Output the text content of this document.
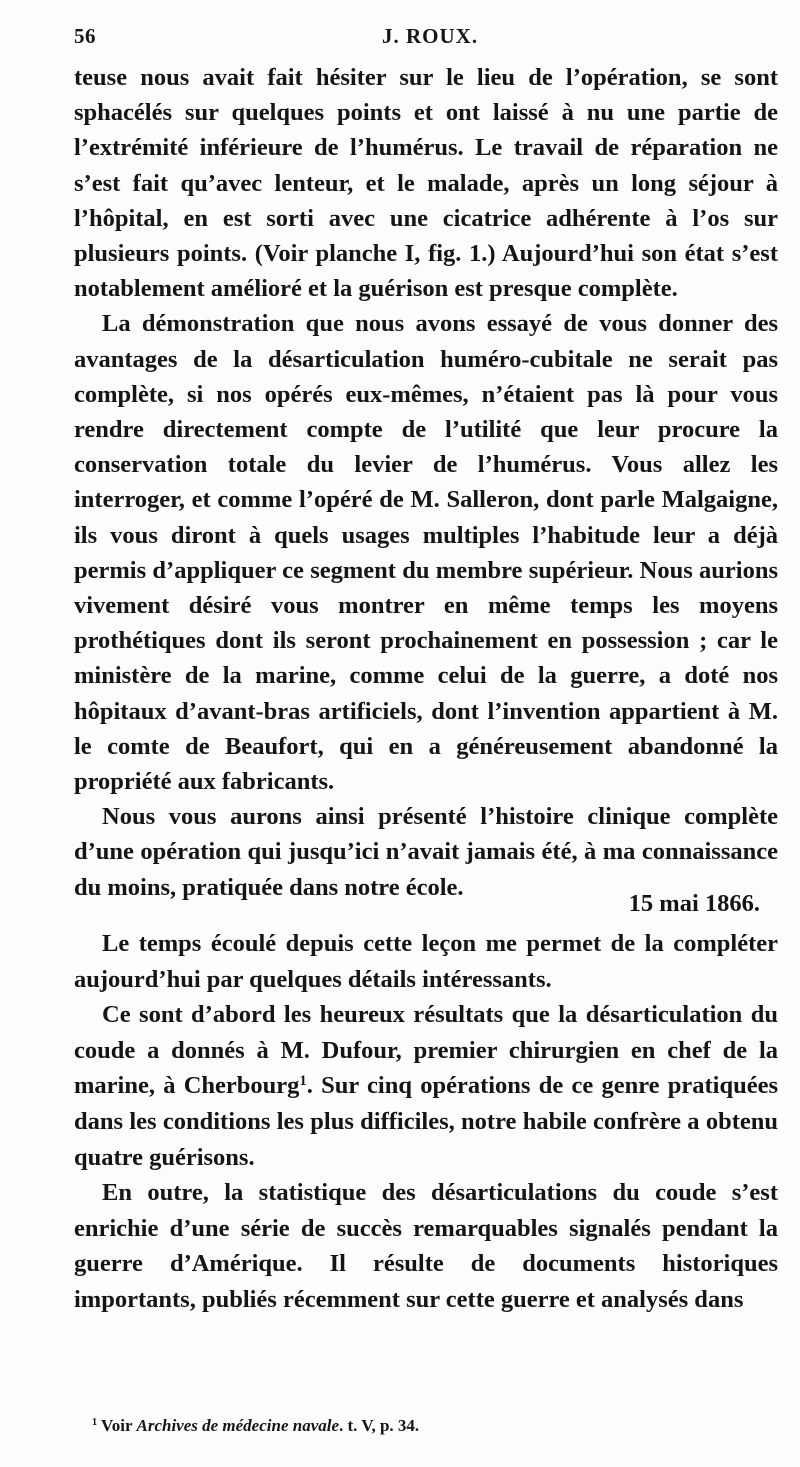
56	J. ROUX.

teuse nous avait fait hésiter sur le lieu de l’opération, se sont sphacélés sur quelques points et ont laissé à nu une partie de l’extrémité inférieure de l’humérus. Le travail de réparation ne s’est fait qu’avec lenteur, et le malade, après un long séjour à l’hôpital, en est sorti avec une cicatrice adhérente à l’os sur plusieurs points. (Voir planche I, fig. 1.) Aujourd’hui son état s’est notablement amélioré et la guérison est presque complète.

La démonstration que nous avons essayé de vous donner des avantages de la désarticulation huméro-cubitale ne serait pas complète, si nos opérés eux-mêmes, n’étaient pas là pour vous rendre directement compte de l’utilité que leur procure la conservation totale du levier de l’humérus. Vous allez les interroger, et comme l’opéré de M. Salleron, dont parle Malgaigne, ils vous diront à quels usages multiples l’habitude leur a déjà permis d’appliquer ce segment du membre supérieur. Nous aurions vivement désiré vous montrer en même temps les moyens prothétiques dont ils seront prochainement en possession ; car le ministère de la marine, comme celui de la guerre, a doté nos hôpitaux d’avant-bras artificiels, dont l’invention appartient à M. le comte de Beaufort, qui en a généreusement abandonné la propriété aux fabricants.

Nous vous aurons ainsi présenté l’histoire clinique complète d’une opération qui jusqu’ici n’avait jamais été, à ma connaissance du moins, pratiquée dans notre école.

15 mai 1866.

Le temps écoulé depuis cette leçon me permet de la compléter aujourd’hui par quelques détails intéressants.

Ce sont d’abord les heureux résultats que la désarticulation du coude a donnés à M. Dufour, premier chirurgien en chef de la marine, à Cherbourg$^1$. Sur cinq opérations de ce genre pratiquées dans les conditions les plus difficiles, notre habile confrère a obtenu quatre guérisons.

En outre, la statistique des désarticulations du coude s’est enrichie d’une série de succès remarquables signalés pendant la guerre d’Amérique. Il résulte de documents historiques importants, publiés récemment sur cette guerre et analysés dans

$^1$ Voir Archives de médecine navale. t. V, p. 34.
